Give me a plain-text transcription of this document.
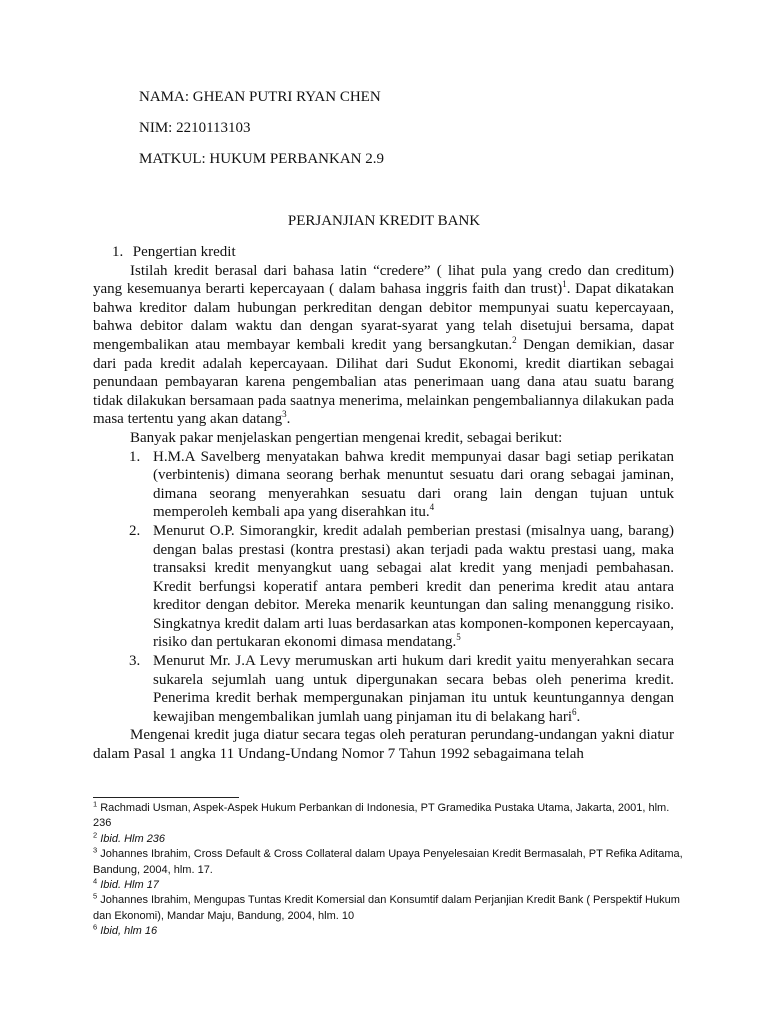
NAMA: GHEAN PUTRI RYAN CHEN
NIM: 2210113103
MATKUL: HUKUM PERBANKAN 2.9
PERJANJIAN KREDIT BANK

1. Pengertian kredit

Istilah kredit berasal dari bahasa latin “credere” ( lihat pula yang credo dan creditum) yang kesemuanya berarti kepercayaan ( dalam bahasa inggris faith dan trust)$^1$. Dapat dikatakan bahwa kreditor dalam hubungan perkreditan dengan debitor mempunyai suatu kepercayaan, bahwa debitor dalam waktu dan dengan syarat-syarat yang telah disetujui bersama, dapat mengembalikan atau membayar kembali kredit yang bersangkutan.$^2$ Dengan demikian, dasar dari pada kredit adalah kepercayaan. Dilihat dari Sudut Ekonomi, kredit diartikan sebagai penundaan pembayaran karena pengembalian atas penerimaan uang dana atau suatu barang tidak dilakukan bersamaan pada saatnya menerima, melainkan pengembaliannya dilakukan pada masa tertentu yang akan datang$^3$.

Banyak pakar menjelaskan pengertian mengenai kredit, sebagai berikut:

1. H.M.A Savelberg menyatakan bahwa kredit mempunyai dasar bagi setiap perikatan (verbintenis) dimana seorang berhak menuntut sesuatu dari orang sebagai jaminan, dimana seorang menyerahkan sesuatu dari orang lain dengan tujuan untuk memperoleh kembali apa yang diserahkan itu.$^4$
2. Menurut O.P. Simorangkir, kredit adalah pemberian prestasi (misalnya uang, barang) dengan balas prestasi (kontra prestasi) akan terjadi pada waktu prestasi uang, maka transaksi kredit menyangkut uang sebagai alat kredit yang menjadi pembahasan. Kredit berfungsi koperatif antara pemberi kredit dan penerima kredit atau antara kreditor dengan debitor. Mereka menarik keuntungan dan saling menanggung risiko. Singkatnya kredit dalam arti luas berdasarkan atas komponen-komponen kepercayaan, risiko dan pertukaran ekonomi dimasa mendatang.$^5$
3. Menurut Mr. J.A Levy merumuskan arti hukum dari kredit yaitu menyerahkan secara sukarela sejumlah uang untuk dipergunakan secara bebas oleh penerima kredit. Penerima kredit berhak mempergunakan pinjaman itu untuk keuntungannya dengan kewajiban mengembalikan jumlah uang pinjaman itu di belakang hari$^6$.

Mengenai kredit juga diatur secara tegas oleh peraturan perundang-undangan yakni diatur dalam Pasal 1 angka 11 Undang-Undang Nomor 7 Tahun 1992 sebagaimana telah

$^1$ Rachmadi Usman, Aspek-Aspek Hukum Perbankan di Indonesia, PT Gramedika Pustaka Utama, Jakarta, 2001, hlm. 236

$^2$ Ibid. Hlm 236

$^3$ Johannes Ibrahim, Cross Default & Cross Collateral dalam Upaya Penyelesaian Kredit Bermasalah, PT Refika Aditama, Bandung, 2004, hlm. 17.

$^4$ Ibid. Hlm 17

$^5$ Johannes Ibrahim, Mengupas Tuntas Kredit Komersial dan Konsumtif dalam Perjanjian Kredit Bank ( Perspektif Hukum dan Ekonomi), Mandar Maju, Bandung, 2004, hlm. 10

$^6$ Ibid, hlm 16
